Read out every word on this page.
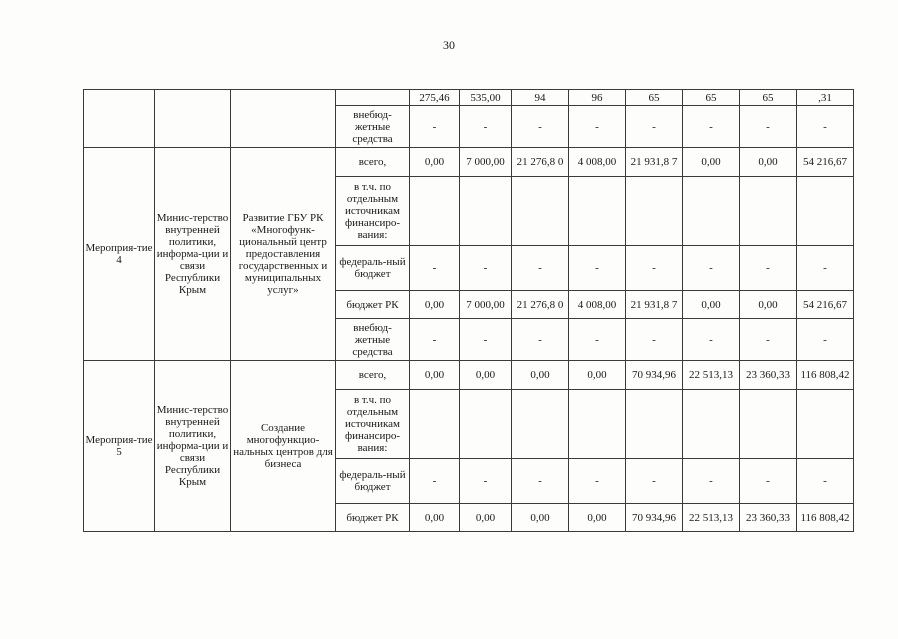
30
				275,46	535,00	94	96	65	65	65	,31
			внебюд-жетные средства	-	-	-	-	-	-	-	-
Мероприя-тие 4	Минис-терство внутренней политики, информа-ции и связи Республики Крым	Развитие ГБУ РК «Многофунк-циональный центр предоставления государственных и муниципальных услуг»	всего,	0,00	7 000,00	21 276,8 0	4 008,00	21 931,8 7	0,00	0,00	54 216,67
			в т.ч. по отдельным источникам финансиро-вания:								
			федераль-ный бюджет	-	-	-	-	-	-	-	-
			бюджет РК	0,00	7 000,00	21 276,8 0	4 008,00	21 931,8 7	0,00	0,00	54 216,67
			внебюд-жетные средства	-	-	-	-	-	-	-	-
Мероприя-тие 5	Минис-терство внутренней политики, информа-ции и связи Республики Крым	Создание многофункцио-нальных центров для бизнеса	всего,	0,00	0,00	0,00	0,00	70 934,96	22 513,13	23 360,33	116 808,42
			в т.ч. по отдельным источникам финансиро-вания:								
			федераль-ный бюджет	-	-	-	-	-	-	-	-
			бюджет РК	0,00	0,00	0,00	0,00	70 934,96	22 513,13	23 360,33	116 808,42
